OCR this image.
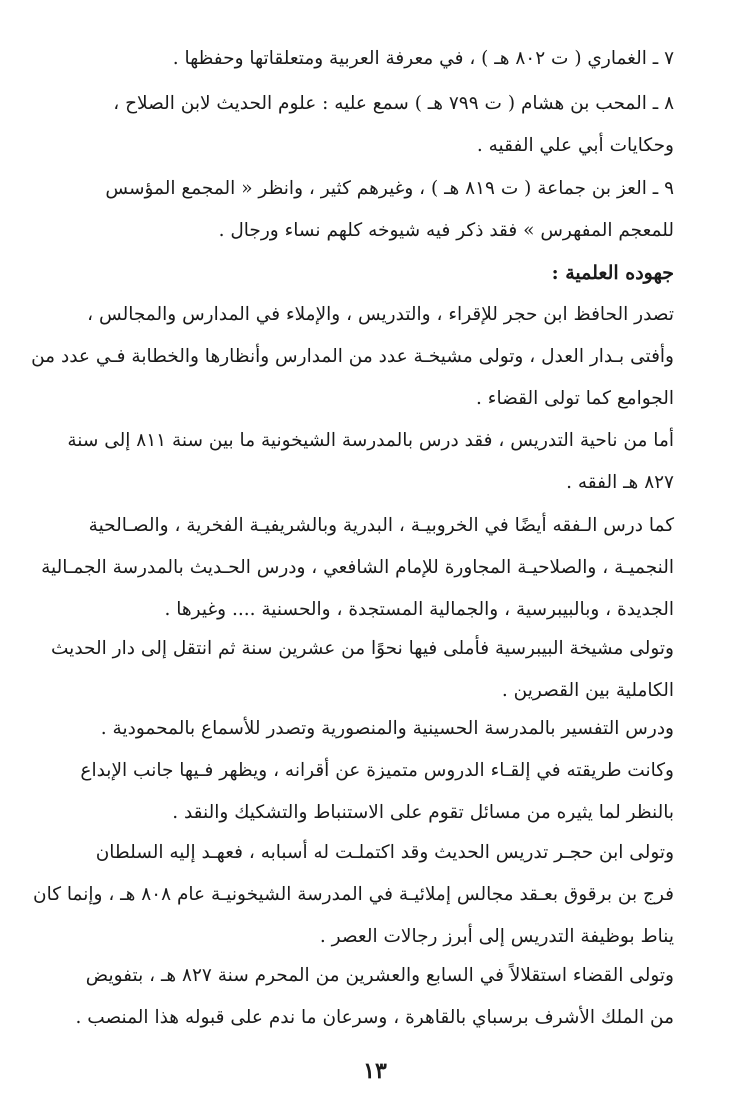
٧ ـ الغماري ( ت ٨٠٢ هـ ) ، في معرفة العربية ومتعلقاتها وحفظها .
٨ ـ المحب بن هشام ( ت ٧٩٩ هـ ) سمع عليه : علوم الحديث لابن الصلاح ،
وحكايات أبي علي الفقيه .
٩ ـ العز بن جماعة ( ت ٨١٩ هـ ) ، وغيرهم كثير ، وانظر « المجمع المؤسس
للمعجم المفهرس » فقد ذكر فيه شيوخه كلهم نساء ورجال .
جهوده العلمية :
تصدر الحافظ ابن حجر للإقراء ، والتدريس ، والإملاء في المدارس والمجالس ،
وأفتى بـدار العدل ، وتولى مشيخـة عدد من المدارس وأنظارها والخطابة فـي عدد من
الجوامع كما تولى القضاء .
أما من ناحية التدريس ، فقد درس بالمدرسة الشيخونية ما بين سنة ٨١١ إلى سنة
٨٢٧ هـ الفقه .
كما درس الـفقه أيضًا في الخروبيـة ، البدرية وبالشريفيـة الفخرية ، والصـالحية
النجميـة ، والصلاحيـة المجاورة للإمام الشافعي ، ودرس الحـديث بالمدرسة الجمـالية
الجديدة ، وبالبيبرسية ، والجمالية المستجدة ، والحسنية .... وغيرها .
وتولى مشيخة البيبرسية فأملى فيها نحوًا من عشرين سنة ثم انتقل إلى دار الحديث
الكاملية بين القصرين .
ودرس التفسير بالمدرسة الحسينية والمنصورية وتصدر للأسماع بالمحمودية .
وكانت طريقته في إلقـاء الدروس متميزة عن أقرانه ، ويظهر فـيها جانب الإبداع
بالنظر لما يثيره من مسائل تقوم على الاستنباط والتشكيك والنقد .
وتولى ابن حجـر تدريس الحديث وقد اكتملـت له أسبابه ، فعهـد إليه السلطان
فرج بن برقوق بعـقد مجالس إملائيـة في المدرسة الشيخونيـة عام ٨٠٨ هـ ، وإنما كان
يناط بوظيفة التدريس إلى أبرز رجالات العصر .
وتولى القضاء استقلالاً في السابع والعشرين من المحرم سنة ٨٢٧ هـ ، بتفويض
من الملك الأشرف برسباي بالقاهرة ، وسرعان ما ندم على قبوله هذا المنصب .
١٣
